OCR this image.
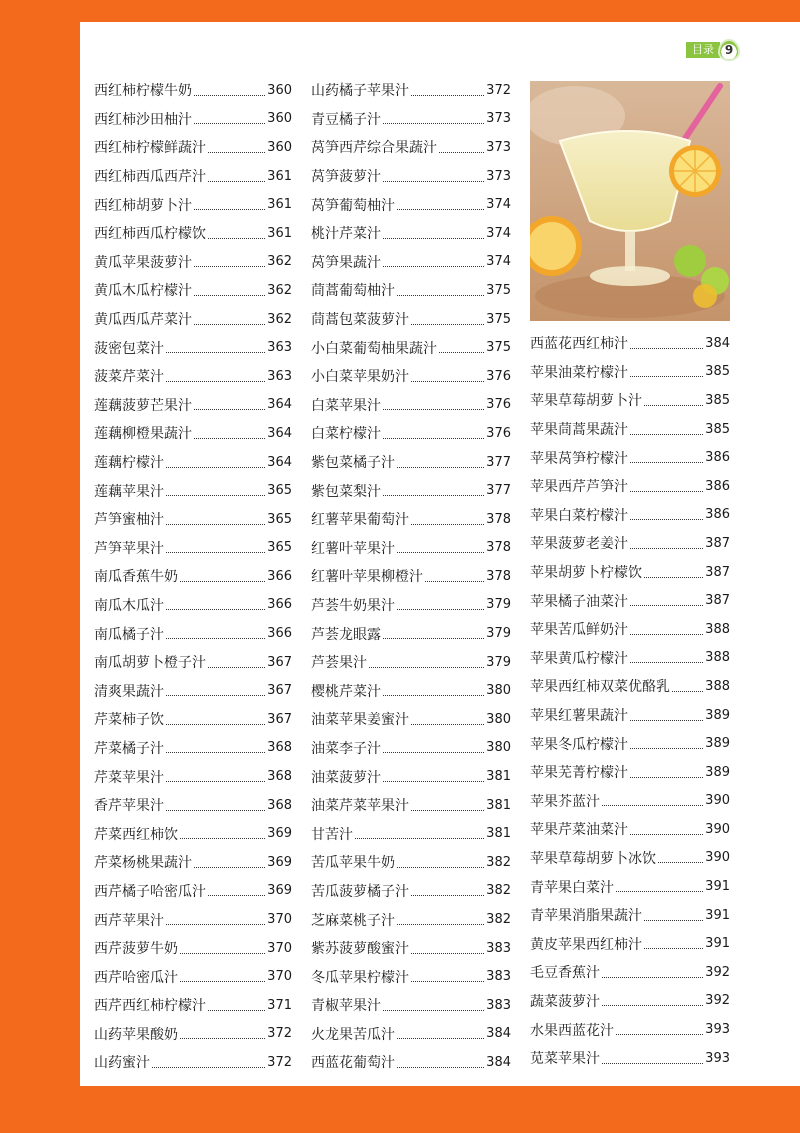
目录 9
西红柿柠檬牛奶	360
西红柿沙田柚汁	360
西红柿柠檬鲜蔬汁	360
西红柿西瓜西芹汁	361
西红柿胡萝卜汁	361
西红柿西瓜柠檬饮	361
黄瓜苹果菠萝汁	362
黄瓜木瓜柠檬汁	362
黄瓜西瓜芹菜汁	362
菠密包菜汁	363
菠菜芹菜汁	363
莲藕菠萝芒果汁	364
莲藕柳橙果蔬汁	364
莲藕柠檬汁	364
莲藕苹果汁	365
芦笋蜜柚汁	365
芦笋苹果汁	365
南瓜香蕉牛奶	366
南瓜木瓜汁	366
南瓜橘子汁	366
南瓜胡萝卜橙子汁	367
清爽果蔬汁	367
芹菜柿子饮	367
芹菜橘子汁	368
芹菜苹果汁	368
香芹苹果汁	368
芹菜西红柿饮	369
芹菜杨桃果蔬汁	369
西芹橘子哈密瓜汁	369
西芹苹果汁	370
西芹菠萝牛奶	370
西芹哈密瓜汁	370
西芹西红柿柠檬汁	371
山药苹果酸奶	372
山药蜜汁	372
山药橘子苹果汁	372
青豆橘子汁	373
莴笋西芹综合果蔬汁	373
莴笋菠萝汁	373
莴笋葡萄柚汁	374
桃汁芹菜汁	374
莴笋果蔬汁	374
茼蒿葡萄柚汁	375
茼蒿包菜菠萝汁	375
小白菜葡萄柚果蔬汁	375
小白菜苹果奶汁	376
白菜苹果汁	376
白菜柠檬汁	376
紫包菜橘子汁	377
紫包菜梨汁	377
红薯苹果葡萄汁	378
红薯叶苹果汁	378
红薯叶苹果柳橙汁	378
芦荟牛奶果汁	379
芦荟龙眼露	379
芦荟果汁	379
樱桃芹菜汁	380
油菜苹果姜蜜汁	380
油菜李子汁	380
油菜菠萝汁	381
油菜芹菜苹果汁	381
甘苦汁	381
苦瓜苹果牛奶	382
苦瓜菠萝橘子汁	382
芝麻菜桃子汁	382
紫苏菠萝酸蜜汁	383
冬瓜苹果柠檬汁	383
青椒苹果汁	383
火龙果苦瓜汁	384
西蓝花葡萄汁	384
西蓝花西红柿汁	384
苹果油菜柠檬汁	385
苹果草莓胡萝卜汁	385
苹果茼蒿果蔬汁	385
苹果莴笋柠檬汁	386
苹果西芹芦笋汁	386
苹果白菜柠檬汁	386
苹果菠萝老姜汁	387
苹果胡萝卜柠檬饮	387
苹果橘子油菜汁	387
苹果苦瓜鲜奶汁	388
苹果黄瓜柠檬汁	388
苹果西红柿双菜优酪乳	388
苹果红薯果蔬汁	389
苹果冬瓜柠檬汁	389
苹果芜菁柠檬汁	389
苹果芥蓝汁	390
苹果芹菜油菜汁	390
苹果草莓胡萝卜冰饮	390
青苹果白菜汁	391
青苹果消脂果蔬汁	391
黄皮苹果西红柿汁	391
毛豆香蕉汁	392
蔬菜菠萝汁	392
水果西蓝花汁	393
苋菜苹果汁	393
